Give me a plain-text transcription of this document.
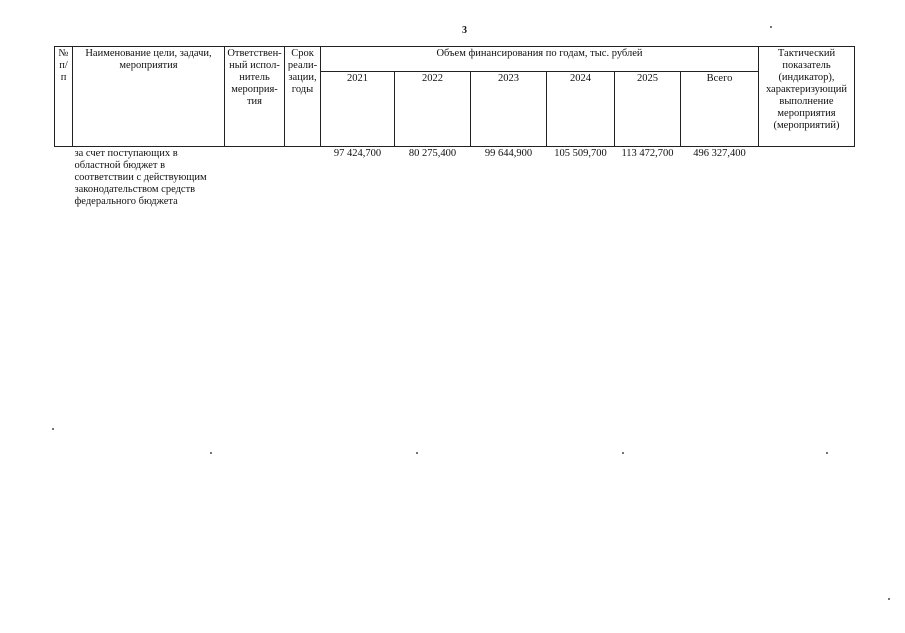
3
№ п/п	Наименование цели, задачи, мероприятия	Ответствен- ный испол- нитель мероприя- тия	Срок реали- зации, годы	Объем финансирования по годам, тыс. рублей						Тактический показатель (индикатор), характеризующий выполнение мероприятия (мероприятий)
				2021	2022	2023	2024	2025	Всего	
	за счет поступающих в областной бюджет в соответствии с действующим законодательством средств федерального бюджета			97 424,700	80 275,400	99 644,900	105 509,700	113 472,700	496 327,400	
